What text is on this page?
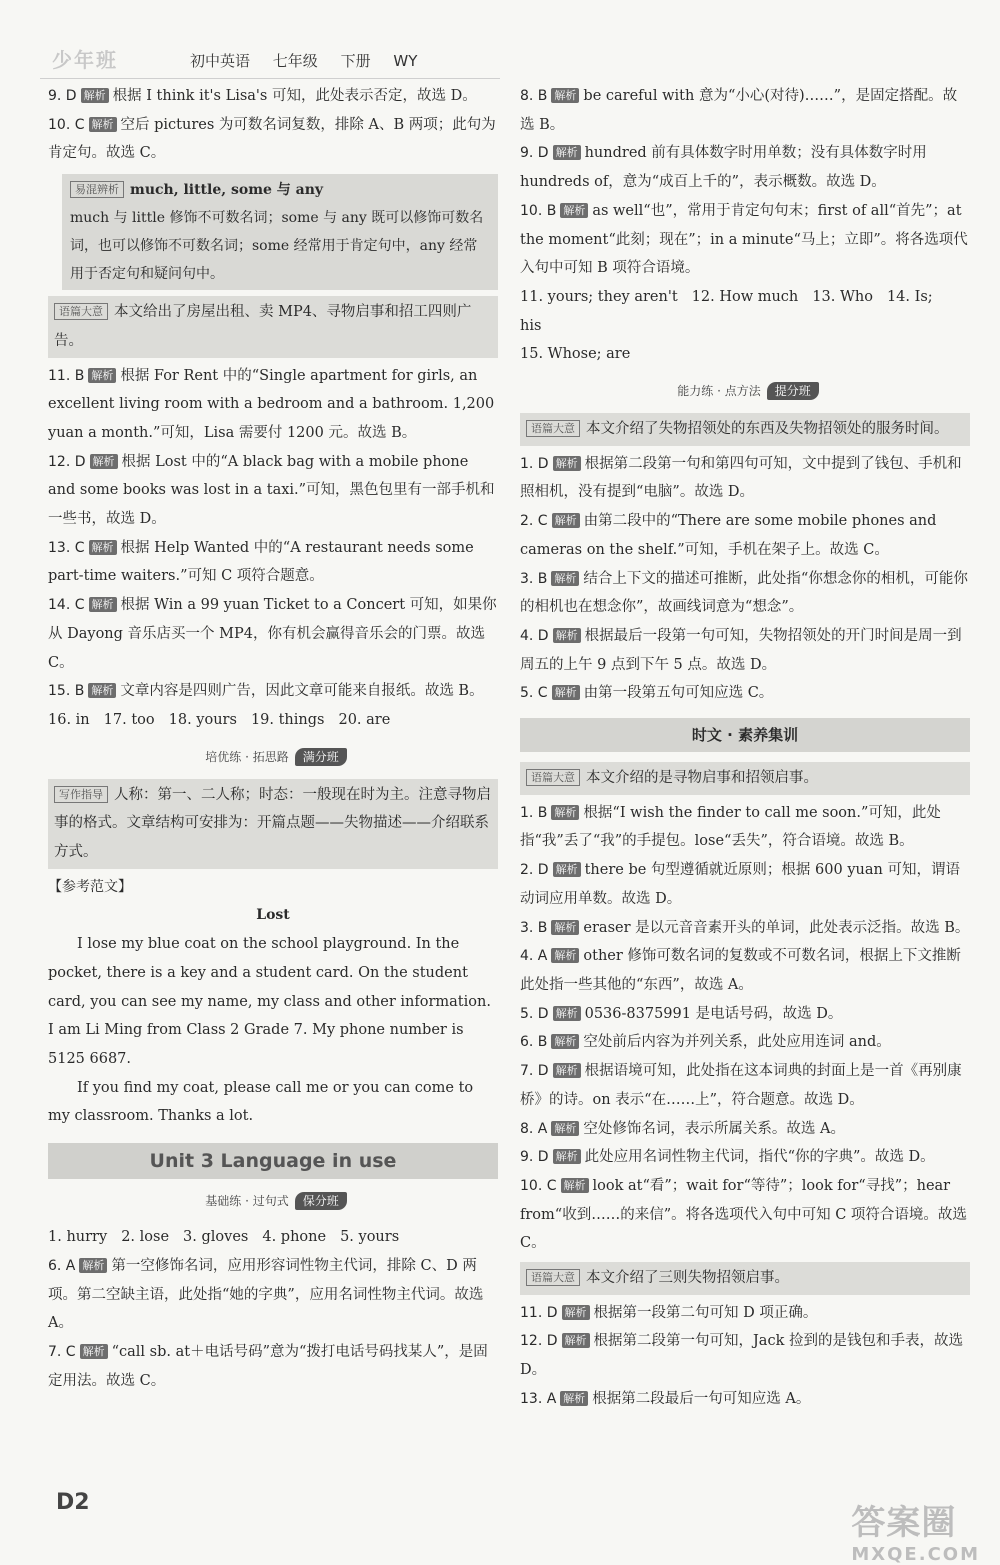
少年班	初中英语 七年级 下册 WY
9. D 解析 根据 I think it's Lisa's 可知，此处表示否定，故选 D。
10. C 解析 空后 pictures 为可数名词复数，排除 A、B 两项；此句为肯定句。故选 C。
易混辨析 much, little, some 与 any
much 与 little 修饰不可数名词；some 与 any 既可以修饰可数名词，也可以修饰不可数名词；some 经常用于肯定句中，any 经常用于否定句和疑问句中。
语篇大意 本文给出了房屋出租、卖 MP4、寻物启事和招工四则广告。
11. B 解析 根据 For Rent 中的“Single apartment for girls, an excellent living room with a bedroom and a bathroom. 1,200 yuan a month.”可知，Lisa 需要付 1200 元。故选 B。
12. D 解析 根据 Lost 中的“A black bag with a mobile phone and some books was lost in a taxi.”可知，黑色包里有一部手机和一些书，故选 D。
13. C 解析 根据 Help Wanted 中的“A restaurant needs some part-time waiters.”可知 C 项符合题意。
14. C 解析 根据 Win a 99 yuan Ticket to a Concert 可知，如果你从 Dayong 音乐店买一个 MP4，你有机会赢得音乐会的门票。故选 C。
15. B 解析 文章内容是四则广告，因此文章可能来自报纸。故选 B。
16. in 17. too 18. yours 19. things 20. are
培优练 · 拓思路 满分班
写作指导 人称：第一、二人称；时态：一般现在时为主。注意寻物启事的格式。文章结构可安排为：开篇点题——失物描述——介绍联系方式。
【参考范文】
Lost

I lose my blue coat on the school playground. In the pocket, there is a key and a student card. On the student card, you can see my name, my class and other information. I am Li Ming from Class 2 Grade 7. My phone number is 5125 6687.

If you find my coat, please call me or you can come to my classroom. Thanks a lot.

Unit 3 Language in use
基础练 · 过句式 保分班
1. hurry 2. lose 3. gloves 4. phone 5. yours
6. A 解析 第一空修饰名词，应用形容词性物主代词，排除 C、D 两项。第二空缺主语，此处指“她的字典”，应用名词性物主代词。故选 A。
7. C 解析 “call sb. at＋电话号码”意为“拨打电话号码找某人”，是固定用法。故选 C。
8. B 解析 be careful with 意为“小心(对待)……”，是固定搭配。故选 B。
9. D 解析 hundred 前有具体数字时用单数；没有具体数字时用 hundreds of，意为“成百上千的”，表示概数。故选 D。
10. B 解析 as well“也”，常用于肯定句句末；first of all“首先”；at the moment“此刻；现在”；in a minute“马上；立即”。将各选项代入句中可知 B 项符合语境。
11. yours; they aren't 12. How much 13. Who 14. Is; his
15. Whose; are
能力练 · 点方法 提分班
语篇大意 本文介绍了失物招领处的东西及失物招领处的服务时间。
1. D 解析 根据第二段第一句和第四句可知，文中提到了钱包、手机和照相机，没有提到“电脑”。故选 D。
2. C 解析 由第二段中的“There are some mobile phones and cameras on the shelf.”可知，手机在架子上。故选 C。
3. B 解析 结合上下文的描述可推断，此处指“你想念你的相机，可能你的相机也在想念你”，故画线词意为“想念”。
4. D 解析 根据最后一段第一句可知，失物招领处的开门时间是周一到周五的上午 9 点到下午 5 点。故选 D。
5. C 解析 由第一段第五句可知应选 C。
时文 · 素养集训
语篇大意 本文介绍的是寻物启事和招领启事。
1. B 解析 根据“I wish the finder to call me soon.”可知，此处指“我”丢了“我”的手提包。lose“丢失”，符合语境。故选 B。
2. D 解析 there be 句型遵循就近原则；根据 600 yuan 可知，谓语动词应用单数。故选 D。
3. B 解析 eraser 是以元音音素开头的单词，此处表示泛指。故选 B。
4. A 解析 other 修饰可数名词的复数或不可数名词，根据上下文推断此处指一些其他的“东西”，故选 A。
5. D 解析 0536-8375991 是电话号码，故选 D。
6. B 解析 空处前后内容为并列关系，此处应用连词 and。
7. D 解析 根据语境可知，此处指在这本词典的封面上是一首《再别康桥》的诗。on 表示“在……上”，符合题意。故选 D。
8. A 解析 空处修饰名词，表示所属关系。故选 A。
9. D 解析 此处应用名词性物主代词，指代“你的字典”。故选 D。
10. C 解析 look at“看”；wait for“等待”；look for“寻找”；hear from“收到……的来信”。将各选项代入句中可知 C 项符合语境。故选 C。
语篇大意 本文介绍了三则失物招领启事。
11. D 解析 根据第一段第二句可知 D 项正确。
12. D 解析 根据第二段第一句可知，Jack 捡到的是钱包和手表，故选 D。
13. A 解析 根据第二段最后一句可知应选 A。
D2
答案圈
MXQE.COM
